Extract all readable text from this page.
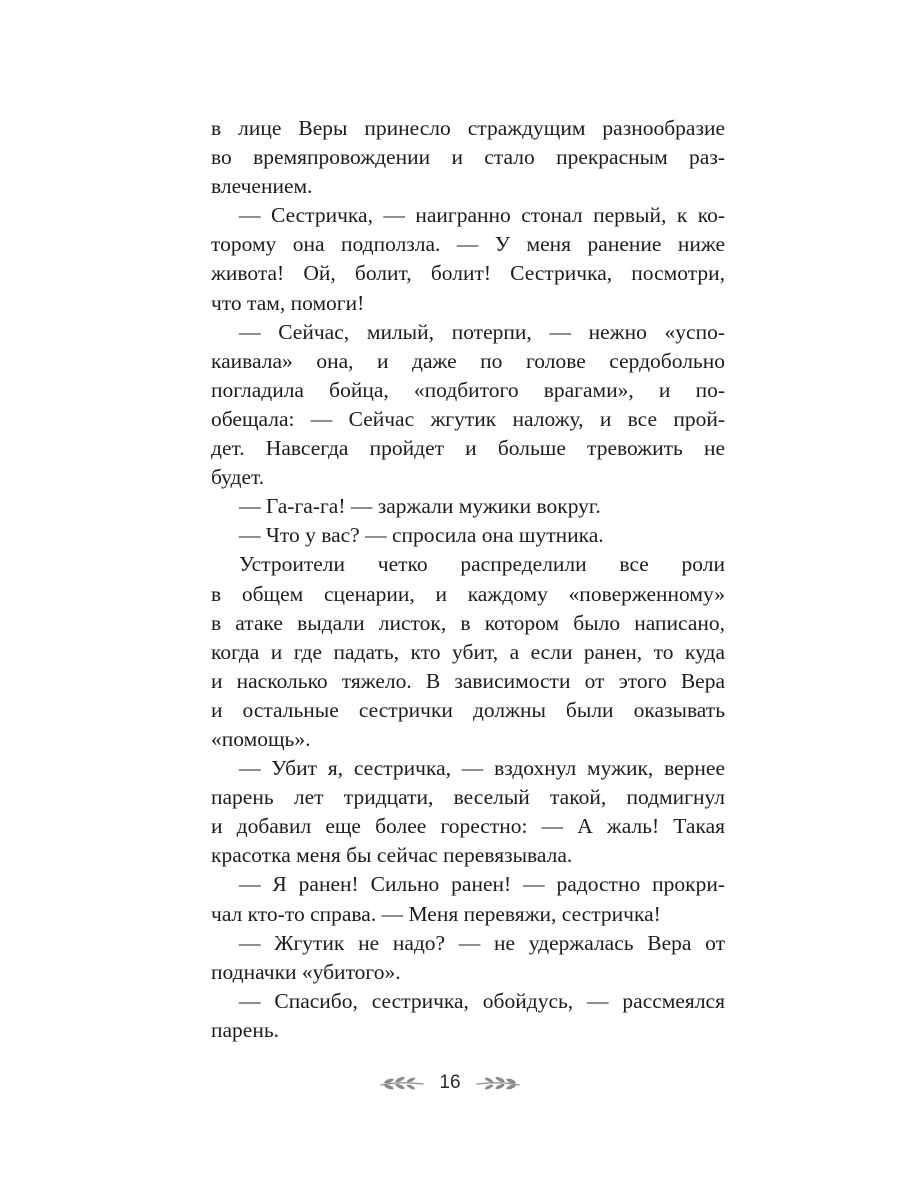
в лице Веры принесло страждущим разнообразие
во времяпровождении и стало прекрасным раз-
влечением.
— Сестричка, — наигранно стонал первый, к ко-
торому она подползла. — У меня ранение ниже
живота! Ой, болит, болит! Сестричка, посмотри,
что там, помоги!
— Сейчас, милый, потерпи, — нежно «успо-
каивала» она, и даже по голове сердобольно
погладила бойца, «подбитого врагами», и по-
обещала: — Сейчас жгутик наложу, и все прой-
дет. Навсегда пройдет и больше тревожить не
будет.
— Га-га-га! — заржали мужики вокруг.
— Что у вас? — спросила она шутника.
Устроители четко распределили все роли
в общем сценарии, и каждому «поверженному»
в атаке выдали листок, в котором было написано,
когда и где падать, кто убит, а если ранен, то куда
и насколько тяжело. В зависимости от этого Вера
и остальные сестрички должны были оказывать
«помощь».
— Убит я, сестричка, — вздохнул мужик, вернее
парень лет тридцати, веселый такой, подмигнул
и добавил еще более горестно: — А жаль! Такая
красотка меня бы сейчас перевязывала.
— Я ранен! Сильно ранен! — радостно прокри-
чал кто-то справа. — Меня перевяжи, сестричка!
— Жгутик не надо? — не удержалась Вера от
подначки «убитого».
— Спасибо, сестричка, обойдусь, — рассмеялся
парень.
16
